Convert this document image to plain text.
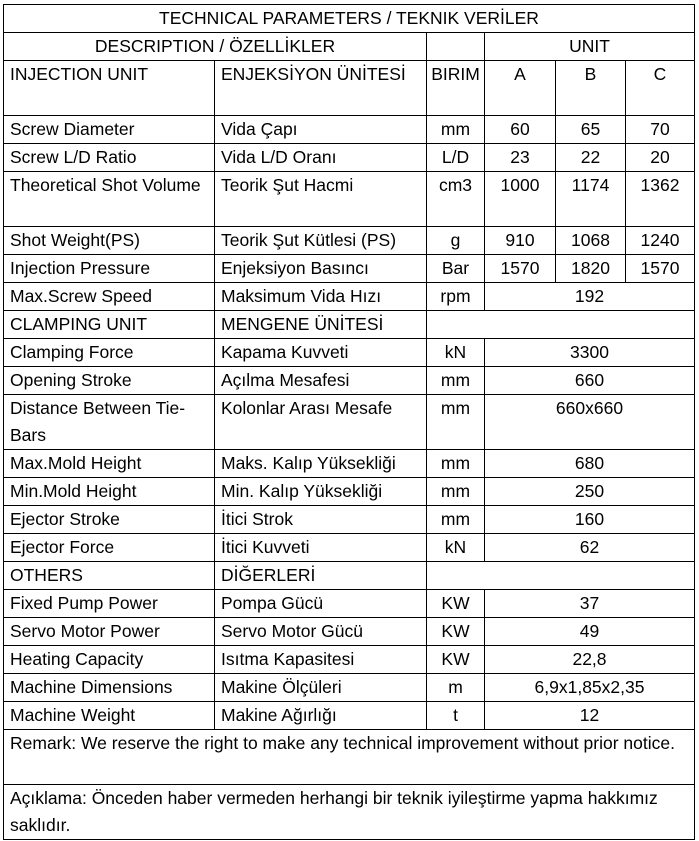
TECHNICAL PARAMETERS / TEKNIK VERİLER					
DESCRIPTION / ÖZELLİKLER			UNIT		
INJECTION UNIT	ENJEKSİYON ÜNİTESİ	BIRIM	A	B	C
Screw Diameter	Vida Çapı	mm	60	65	70
Screw L/D Ratio	Vida L/D Oranı	L/D	23	22	20
Theoretical Shot Volume	Teorik Şut Hacmi	cm3	1000	1174	1362
Shot Weight(PS)	Teorik Şut Kütlesi (PS)	g	910	1068	1240
Injection Pressure	Enjeksiyon Basıncı	Bar	1570	1820	1570
Max.Screw Speed	Maksimum Vida Hızı	rpm	192		
CLAMPING UNIT	MENGENE ÜNİTESİ				
Clamping Force	Kapama Kuvveti	kN	3300		
Opening Stroke	Açılma Mesafesi	mm	660		
Distance Between Tie-Bars	Kolonlar Arası Mesafe	mm	660x660		
Max.Mold Height	Maks. Kalıp Yüksekliği	mm	680		
Min.Mold Height	Min. Kalıp Yüksekliği	mm	250		
Ejector Stroke	İtici Strok	mm	160		
Ejector Force	İtici Kuvveti	kN	62		
OTHERS	DİĞERLERİ				
Fixed Pump Power	Pompa Gücü	KW	37		
Servo Motor Power	Servo Motor Gücü	KW	49		
Heating Capacity	Isıtma Kapasitesi	KW	22,8		
Machine Dimensions	Makine Ölçüleri	m	6,9x1,85x2,35		
Machine Weight	Makine Ağırlığı	t	12		
Remark: We reserve the right to make any technical improvement without prior notice.					
Açıklama: Önceden haber vermeden herhangi bir teknik iyileştirme yapma hakkımız saklıdır.					
